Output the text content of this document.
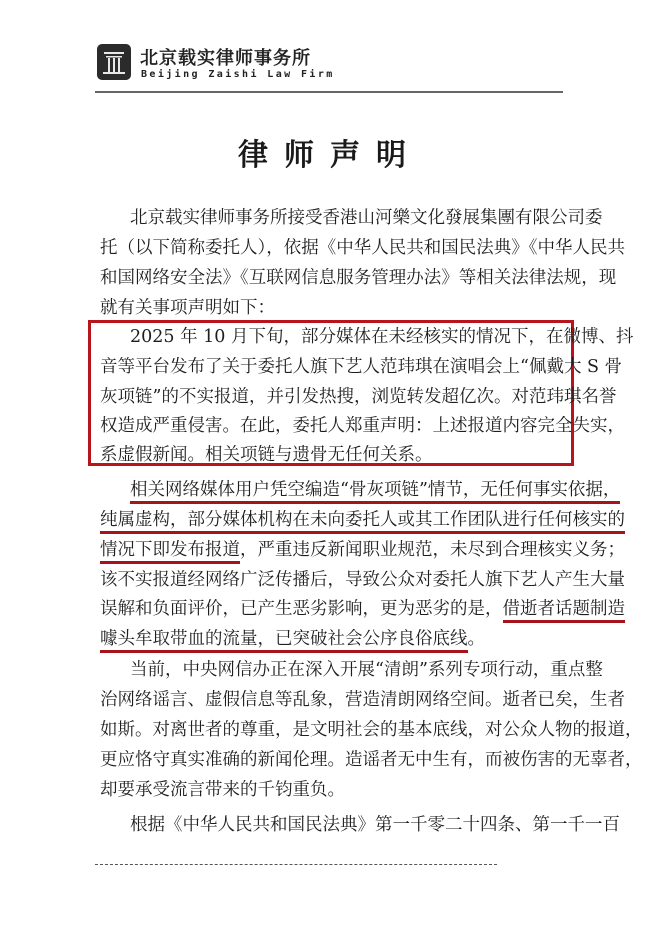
北京载实律师事务所
Beijing Zaishi Law Firm
律师声明
北京载实律师事务所接受香港山河樂文化發展集團有限公司委
托（以下简称委托人），依据《中华人民共和国民法典》《中华人民共
和国网络安全法》《互联网信息服务管理办法》等相关法律法规，现
就有关事项声明如下：
2025 年 10 月下旬，部分媒体在未经核实的情况下，在微博、抖
音等平台发布了关于委托人旗下艺人范玮琪在演唱会上“佩戴大 S 骨
灰项链”的不实报道，并引发热搜，浏览转发超亿次。对范玮琪名誉
权造成严重侵害。在此，委托人郑重声明：上述报道内容完全失实，
系虚假新闻。相关项链与遗骨无任何关系。
相关网络媒体用户凭空编造“骨灰项链”情节，无任何事实依据，
纯属虚构，部分媒体机构在未向委托人或其工作团队进行任何核实的
情况下即发布报道，严重违反新闻职业规范，未尽到合理核实义务；
该不实报道经网络广泛传播后，导致公众对委托人旗下艺人产生大量
误解和负面评价，已产生恶劣影响，更为恶劣的是，借逝者话题制造
噱头牟取带血的流量，已突破社会公序良俗底线。
当前，中央网信办正在深入开展“清朗”系列专项行动，重点整
治网络谣言、虚假信息等乱象，营造清朗网络空间。逝者已矣，生者
如斯。对离世者的尊重，是文明社会的基本底线，对公众人物的报道，
更应恪守真实准确的新闻伦理。造谣者无中生有，而被伤害的无辜者，
却要承受流言带来的千钧重负。
根据《中华人民共和国民法典》第一千零二十四条、第一千一百
